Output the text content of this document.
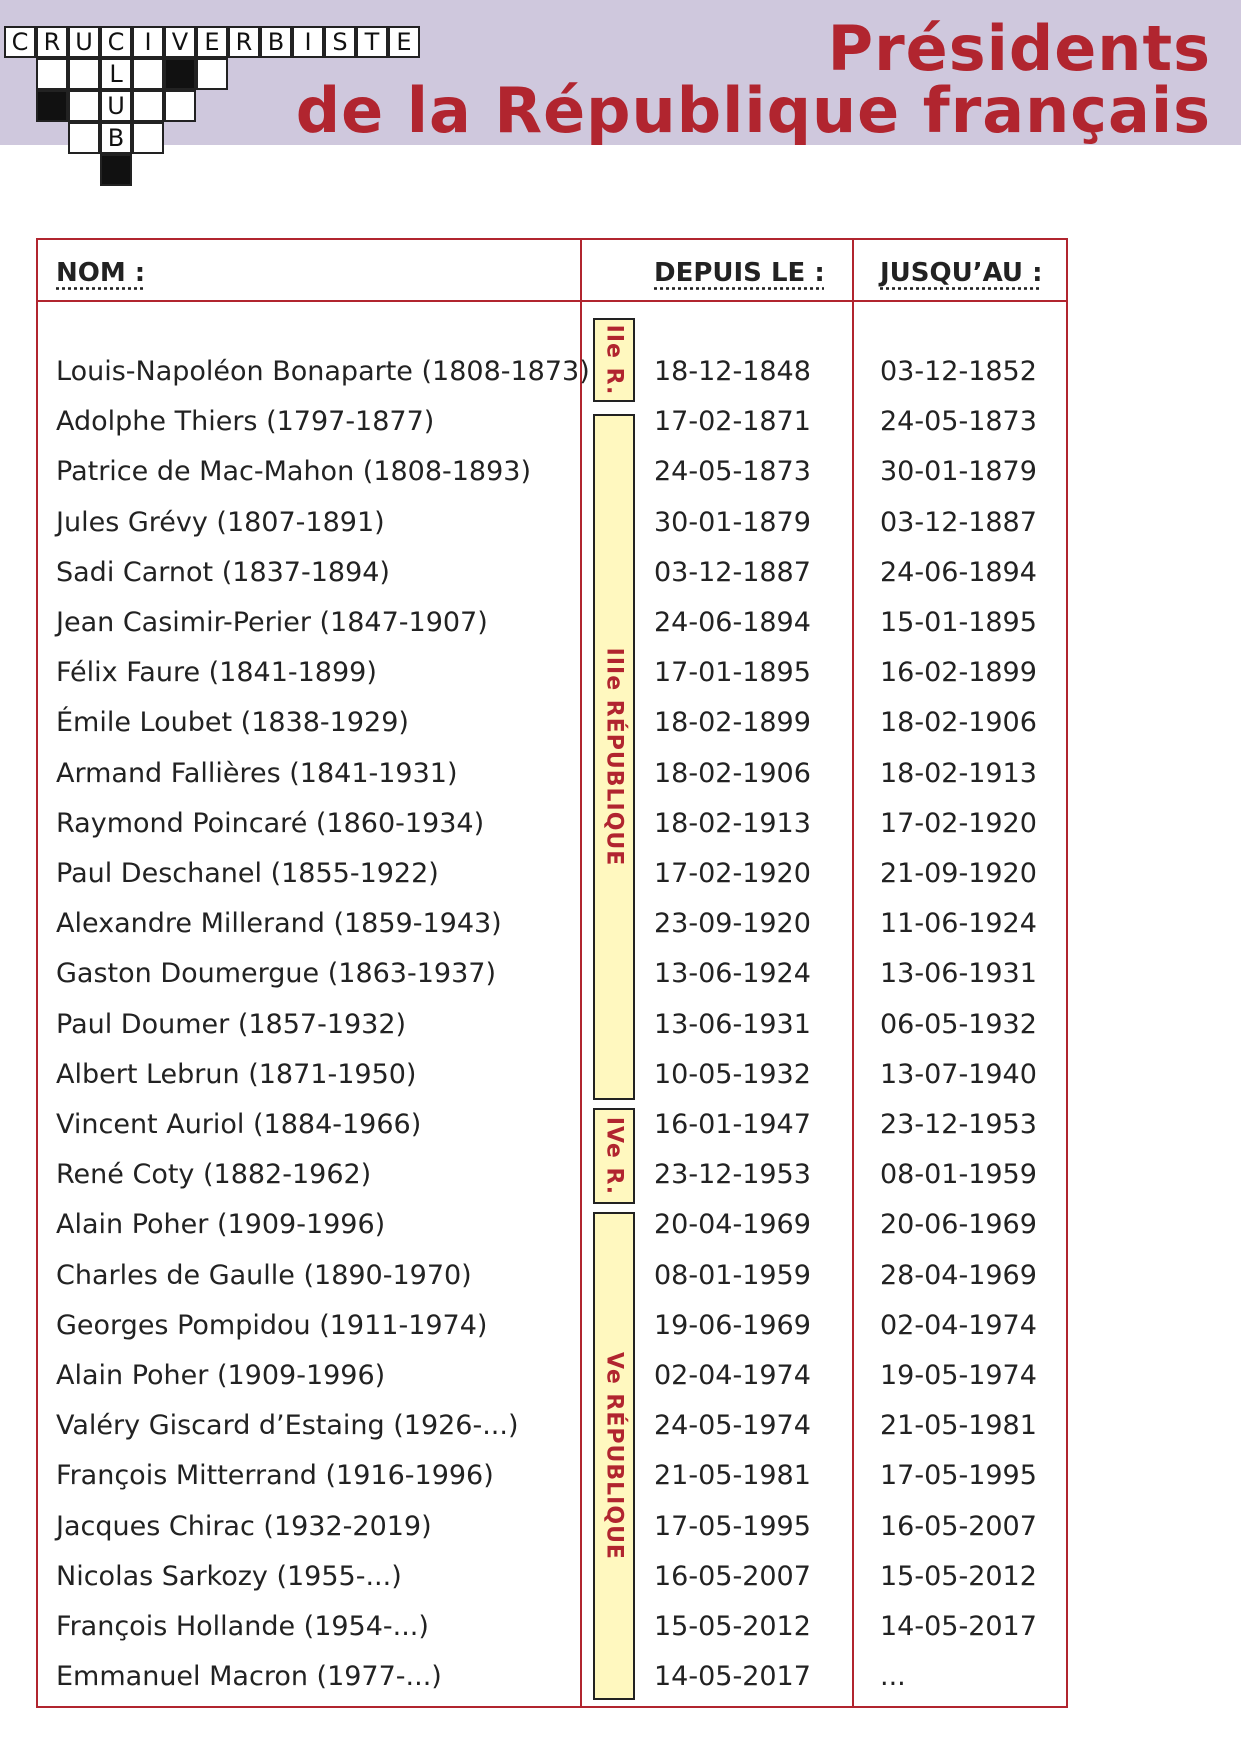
C R U C I V E R B I S T E
L
U
B
Présidents
de la République français
NOM :	DEPUIS LE : JUSQU’AU :
IIe R.
IIIe RÉPUBLIQUE
IVe R.
Ve RÉPUBLIQUE
Louis-Napoléon Bonaparte (1808-1873) 18-12-1848	03-12-1852
Adolphe Thiers (1797-1877)	17-02-1871	24-05-1873
Patrice de Mac-Mahon (1808-1893)	24-05-1873	30-01-1879
Jules Grévy (1807-1891)	30-01-1879	03-12-1887
Sadi Carnot (1837-1894)	03-12-1887	24-06-1894
Jean Casimir-Perier (1847-1907)	24-06-1894	15-01-1895
Félix Faure (1841-1899)	17-01-1895	16-02-1899
Émile Loubet (1838-1929)	18-02-1899	18-02-1906
Armand Fallières (1841-1931)	18-02-1906	18-02-1913
Raymond Poincaré (1860-1934)	18-02-1913	17-02-1920
Paul Deschanel (1855-1922)	17-02-1920	21-09-1920
Alexandre Millerand (1859-1943)	23-09-1920	11-06-1924
Gaston Doumergue (1863-1937)	13-06-1924	13-06-1931
Paul Doumer (1857-1932)	13-06-1931	06-05-1932
Albert Lebrun (1871-1950)	10-05-1932	13-07-1940
Vincent Auriol (1884-1966)	16-01-1947	23-12-1953
René Coty (1882-1962)	23-12-1953	08-01-1959
Alain Poher (1909-1996)	20-04-1969	20-06-1969
Charles de Gaulle (1890-1970)	08-01-1959	28-04-1969
Georges Pompidou (1911-1974)	19-06-1969	02-04-1974
Alain Poher (1909-1996)	02-04-1974	19-05-1974
Valéry Giscard d’Estaing (1926-...)	24-05-1974	21-05-1981
François Mitterrand (1916-1996)	21-05-1981	17-05-1995
Jacques Chirac (1932-2019)	17-05-1995	16-05-2007
Nicolas Sarkozy (1955-...)	16-05-2007	15-05-2012
François Hollande (1954-...)	15-05-2012	14-05-2017
Emmanuel Macron (1977-...)	14-05-2017	...
